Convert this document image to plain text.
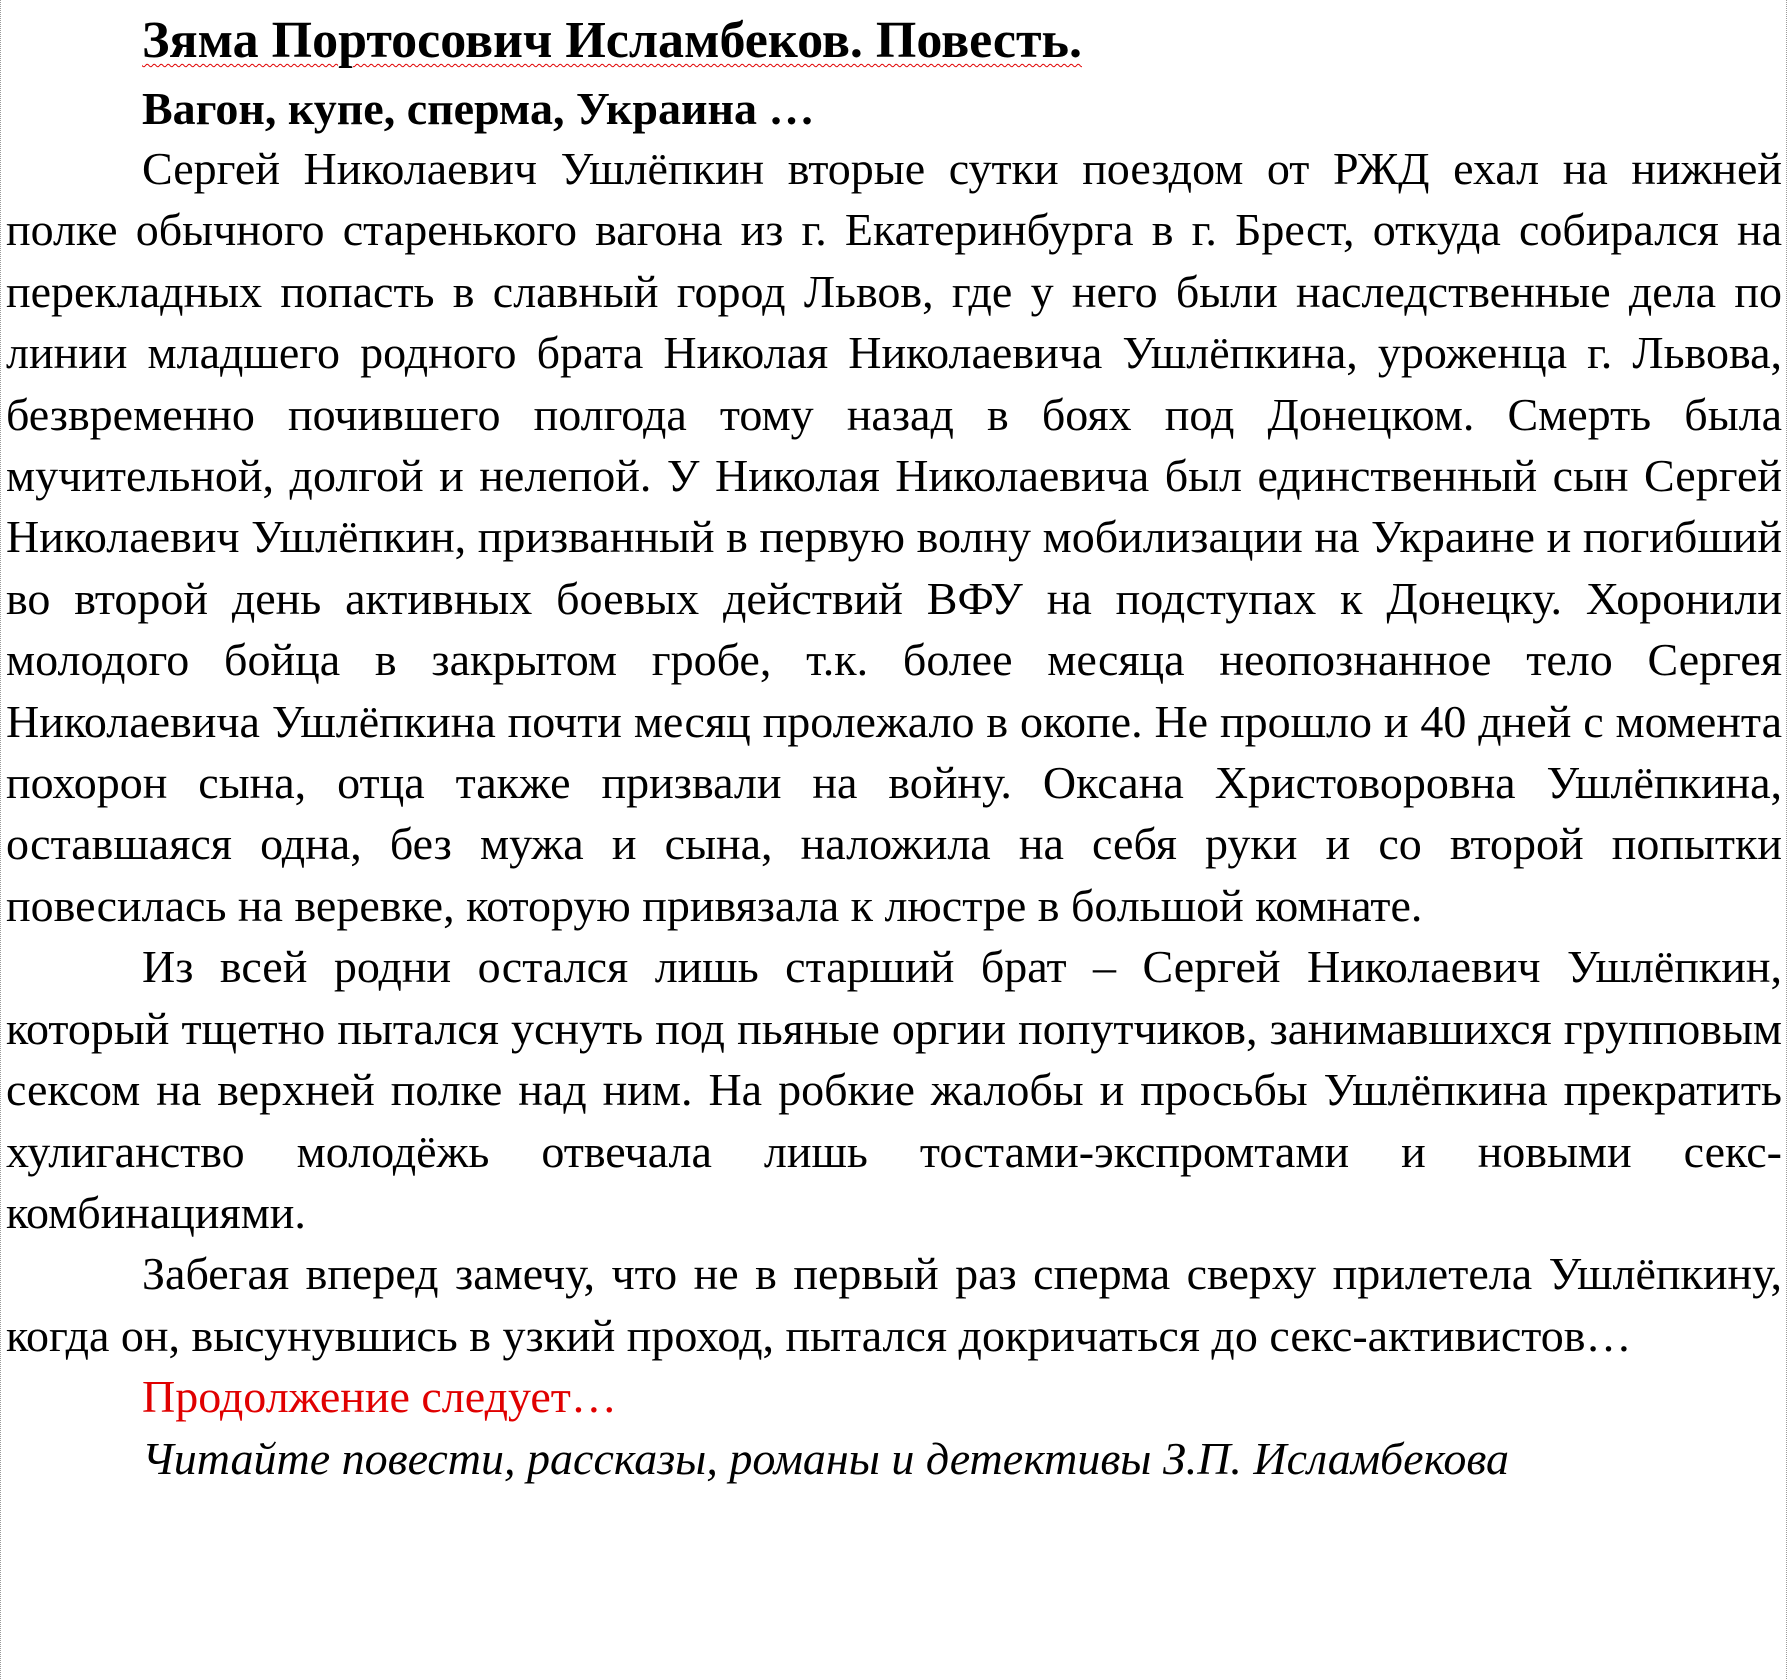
Зяма Портосович Исламбеков. Повесть.

Вагон, купе, сперма, Украина …

Сергей Николаевич Ушлёпкин вторые сутки поездом от РЖД ехал на нижней полке обычного старенького вагона из г. Екатеринбурга в г. Брест, откуда собирался на перекладных попасть в славный город Львов, где у него были наследственные дела по линии младшего родного брата Николая Николаевича Ушлёпкина, уроженца г. Львова, безвременно почившего полгода тому назад в боях под Донецком. Смерть была мучительной, долгой и нелепой. У Николая Николаевича был единственный сын Сергей Николаевич Ушлёпкин, призванный в первую волну мобилизации на Украине и погибший во второй день активных боевых действий ВФУ на подступах к Донецку. Хоронили молодого бойца в закрытом гробе, т.к. более месяца неопознанное тело Сергея Николаевича Ушлёпкина почти месяц пролежало в окопе. Не прошло и 40 дней с момента похорон сына, отца также призвали на войну. Оксана Христоворовна Ушлёпкина, оставшаяся одна, без мужа и сына, наложила на себя руки и со второй попытки повесилась на веревке, которую привязала к люстре в большой комнате.

Из всей родни остался лишь старший брат – Сергей Николаевич Ушлёпкин, который тщетно пытался уснуть под пьяные оргии попутчиков, занимавшихся групповым сексом на верхней полке над ним. На робкие жалобы и просьбы Ушлёпкина прекратить хулиганство молодёжь отвечала лишь тостами-экспромтами и новыми секс-комбинациями.

Забегая вперед замечу, что не в первый раз сперма сверху прилетела Ушлёпкину, когда он, высунувшись в узкий проход, пытался докричаться до секс-активистов…

Продолжение следует…

Читайте повести, рассказы, романы и детективы З.П. Исламбекова
